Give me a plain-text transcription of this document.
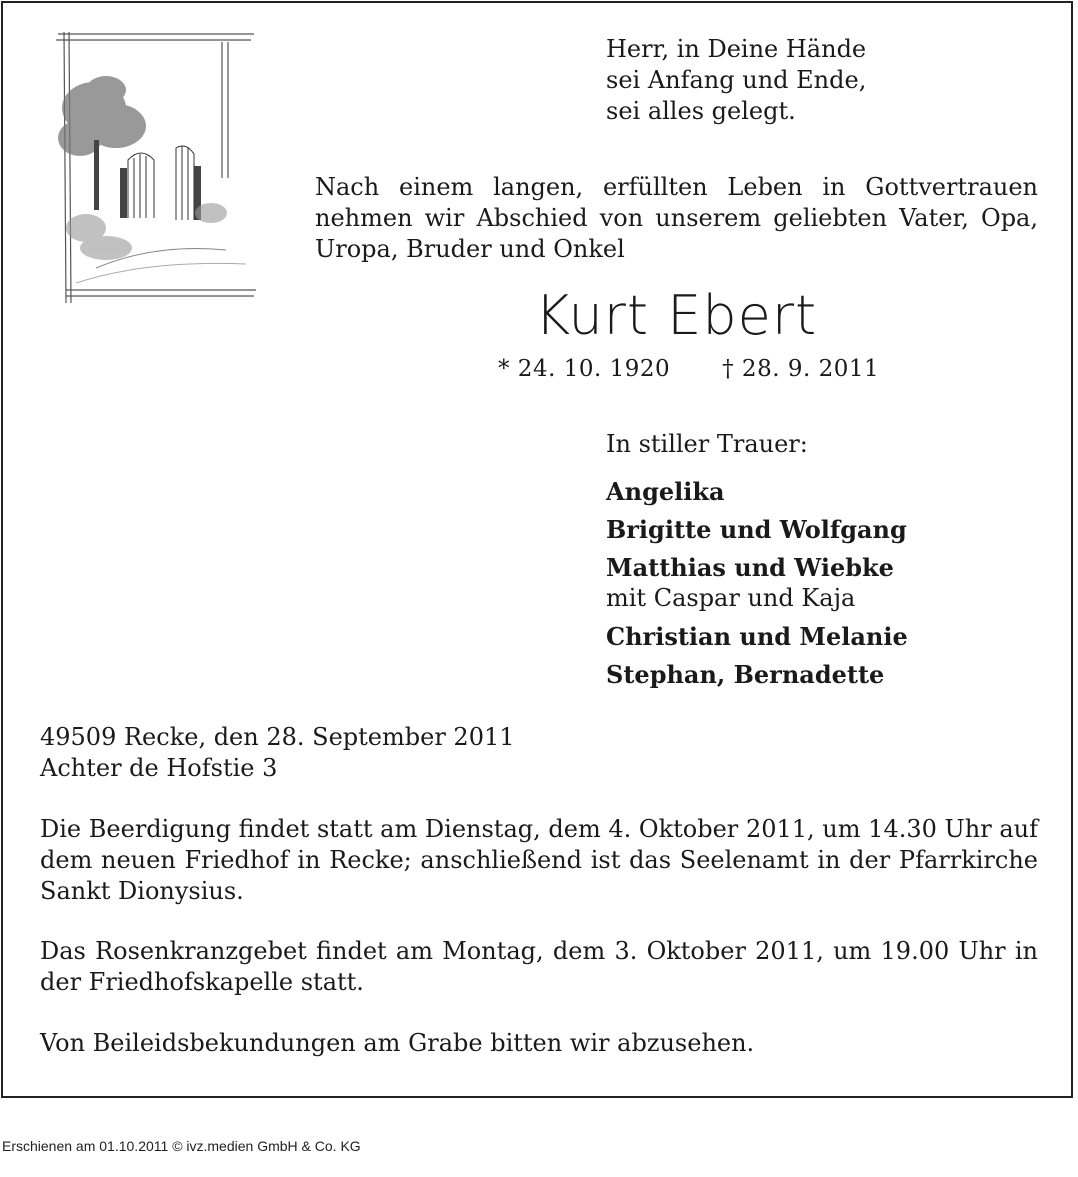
Herr, in Deine Hände
sei Anfang und Ende,
sei alles gelegt.
Nach einem langen, erfüllten Leben in Gottvertrauen nehmen wir Abschied von unserem geliebten Vater, Opa, Uropa, Bruder und Onkel
Kurt Ebert
* 24. 10. 1920 † 28. 9. 2011
In stiller Trauer:
Angelika
Brigitte und Wolfgang
Matthias und Wiebke
mit Caspar und Kaja
Christian und Melanie
Stephan, Bernadette
49509 Recke, den 28. September 2011
Achter de Hofstie 3
Die Beerdigung findet statt am Dienstag, dem 4. Oktober 2011, um 14.30 Uhr auf dem neuen Friedhof in Recke; anschließend ist das Seelenamt in der Pfarrkirche Sankt Dionysius.
Das Rosenkranzgebet findet am Montag, dem 3. Oktober 2011, um 19.00 Uhr in der Friedhofskapelle statt.
Von Beileidsbekundungen am Grabe bitten wir abzusehen.
Erschienen am 01.10.2011 © ivz.medien GmbH & Co. KG
